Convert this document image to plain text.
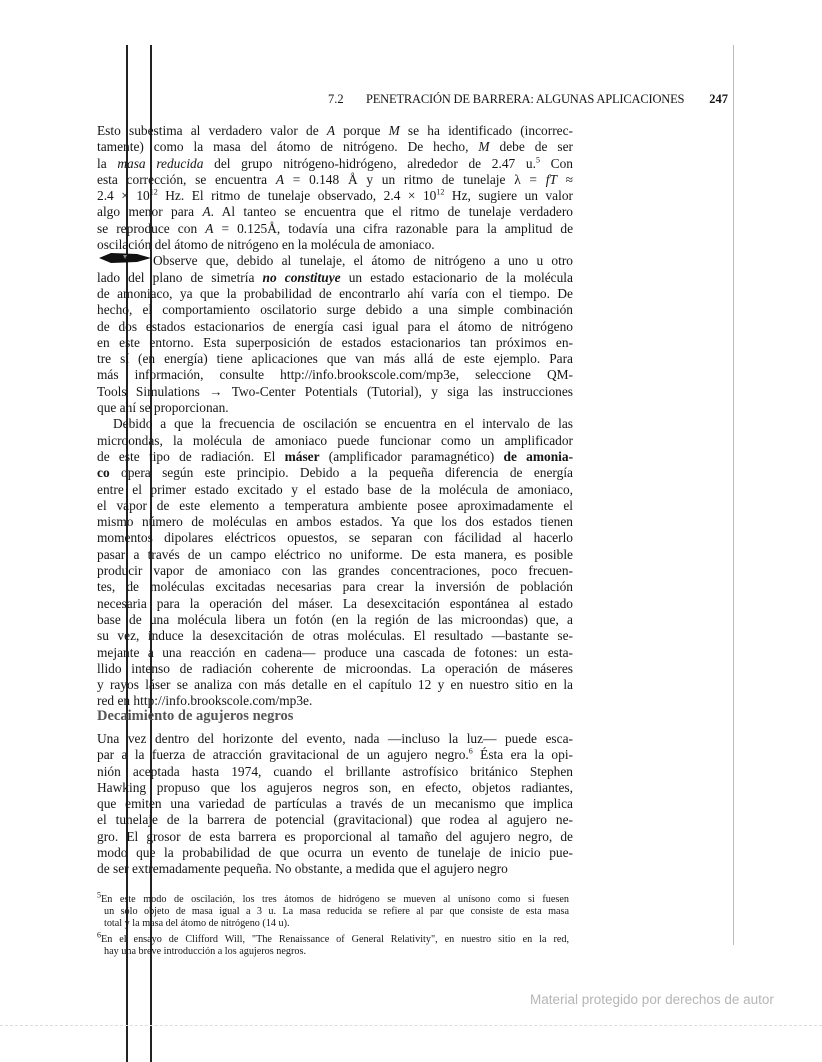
7.2 PENETRACIÓN DE BARRERA: ALGUNAS APLICACIONES 247
Esto subestima al verdadero valor de A porque M se ha identificado (incorrec-
tamente) como la masa del átomo de nitrógeno. De hecho, M debe de ser
la masa reducida del grupo nitrógeno-hidrógeno, alrededor de 2.47 u.$^5$ Con
esta corrección, se encuentra A = 0.148 Å y un ritmo de tunelaje λ = fT ≈
$2.4 \times 10^{12}$ Hz. El ritmo de tunelaje observado, $2.4 \times 10^{12}$ Hz, sugiere un valor
algo menor para A. Al tanteo se encuentra que el ritmo de tunelaje verdadero
se reproduce con A = 0.125Å, todavía una cifra razonable para la amplitud de
oscilación del átomo de nitrógeno en la molécula de amoniaco.
Observe que, debido al tunelaje, el átomo de nitrógeno a uno u otro
lado del plano de simetría no constituye un estado estacionario de la molécula
de amoniaco, ya que la probabilidad de encontrarlo ahí varía con el tiempo. De
hecho, el comportamiento oscilatorio surge debido a una simple combinación
de dos estados estacionarios de energía casi igual para el átomo de nitrógeno
en este entorno. Esta superposición de estados estacionarios tan próximos en-
tre sí (en energía) tiene aplicaciones que van más allá de este ejemplo. Para
más información, consulte http://info.brookscole.com/mp3e, seleccione QM-
Tools Simulations → Two-Center Potentials (Tutorial), y siga las instrucciones
que ahí se proporcionan.
Debido a que la frecuencia de oscilación se encuentra en el intervalo de las
microondas, la molécula de amoniaco puede funcionar como un amplificador
de este tipo de radiación. El máser (amplificador paramagnético) de amonia-
co opera según este principio. Debido a la pequeña diferencia de energía
entre el primer estado excitado y el estado base de la molécula de amoniaco,
el vapor de este elemento a temperatura ambiente posee aproximadamente el
mismo número de moléculas en ambos estados. Ya que los dos estados tienen
momentos dipolares eléctricos opuestos, se separan con fácilidad al hacerlo
pasar a través de un campo eléctrico no uniforme. De esta manera, es posible
producir vapor de amoniaco con las grandes concentraciones, poco frecuen-
tes, de moléculas excitadas necesarias para crear la inversión de población
necesaria para la operación del máser. La desexcitación espontánea al estado
base de una molécula libera un fotón (en la región de las microondas) que, a
su vez, induce la desexcitación de otras moléculas. El resultado —bastante se-
mejante a una reacción en cadena— produce una cascada de fotones: un esta-
llido intenso de radiación coherente de microondas. La operación de máseres
y rayos láser se analiza con más detalle en el capítulo 12 y en nuestro sitio en la
red en http://info.brookscole.com/mp3e.
Decaimiento de agujeros negros
Una vez dentro del horizonte del evento, nada —incluso la luz— puede esca-
par a la fuerza de atracción gravitacional de un agujero negro.$^6$ Ésta era la opi-
nión aceptada hasta 1974, cuando el brillante astrofísico británico Stephen
Hawking propuso que los agujeros negros son, en efecto, objetos radiantes,
que emiten una variedad de partículas a través de un mecanismo que implica
el tunelaje de la barrera de potencial (gravitacional) que rodea al agujero ne-
gro. El grosor de esta barrera es proporcional al tamaño del agujero negro, de
modo que la probabilidad de que ocurra un evento de tunelaje de inicio pue-
de ser extremadamente pequeña. No obstante, a medida que el agujero negro
$^5$En este modo de oscilación, los tres átomos de hidrógeno se mueven al unísono como si fuesen
un sólo objeto de masa igual a 3 u. La masa reducida se refiere al par que consiste de esta masa
total y la masa del átomo de nitrógeno (14 u).
$^6$En el ensayo de Clifford Will, "The Renaissance of General Relativity", en nuestro sitio en la red,
hay una breve introducción a los agujeros negros.
Material protegido por derechos de autor
